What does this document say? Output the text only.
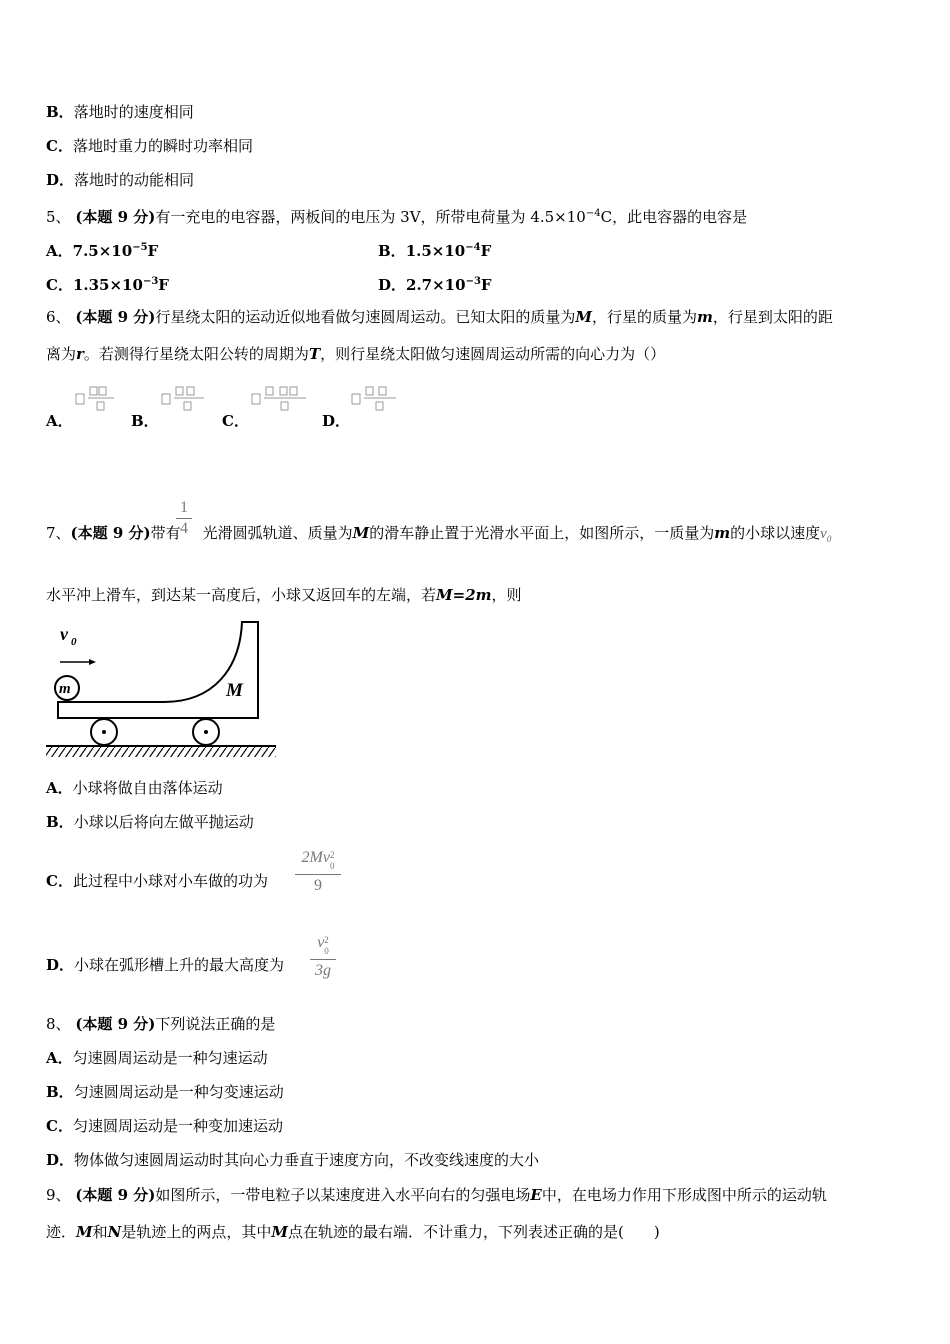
B．落地时的速度相同
C．落地时重力的瞬时功率相同
D．落地时的动能相同
5、 (本题 9 分)有一充电的电容器，两板间的电压为 3V，所带电荷量为 $4.5\times 10^{-4}C$，此电容器的电容是
A．$7.5\times 10^{-5}F$	B．$1.5\times 10^{-4}F$
C．$1.35\times 10^{-3}F$	D．$2.7\times 10^{-3}F$
6、 (本题 9 分)行星绕太阳的运动近似地看做匀速圆周运动。已知太阳的质量为M，行星的质量为m，行星到太阳的距
离为r。若测得行星绕太阳公转的周期为T，则行星绕太阳做匀速圆周运动所需的向心力为（）
A．	B．	C．	D．
7、(本题 9 分)带有 光滑圆弧轨道、质量为M的滑车静止置于光滑水平面上，如图所示，一质量为m的小球以速度$v_0$
$\frac{1}{4}$
水平冲上滑车，到达某一高度后，小球又返回车的左端，若M=2m，则
v 0
m	M
A．小球将做自由落体运动
B．小球以后将向左做平抛运动
C．此过程中小球对小车做的功为 2Mv 2
$_0$
9
D．小球在弧形槽上升的最大高度为 v 2
$_0$
3g
8、 (本题 9 分)下列说法正确的是
A．匀速圆周运动是一种匀速运动
B．匀速圆周运动是一种匀变速运动
C．匀速圆周运动是一种变加速运动
D．物体做匀速圆周运动时其向心力垂直于速度方向，不改变线速度的大小
9、 (本题 9 分)如图所示，一带电粒子以某速度进入水平向右的匀强电场E中，在电场力作用下形成图中所示的运动轨
迹．M和N是轨迹上的两点，其中M点在轨迹的最右端．不计重力，下列表述正确的是(　　)
